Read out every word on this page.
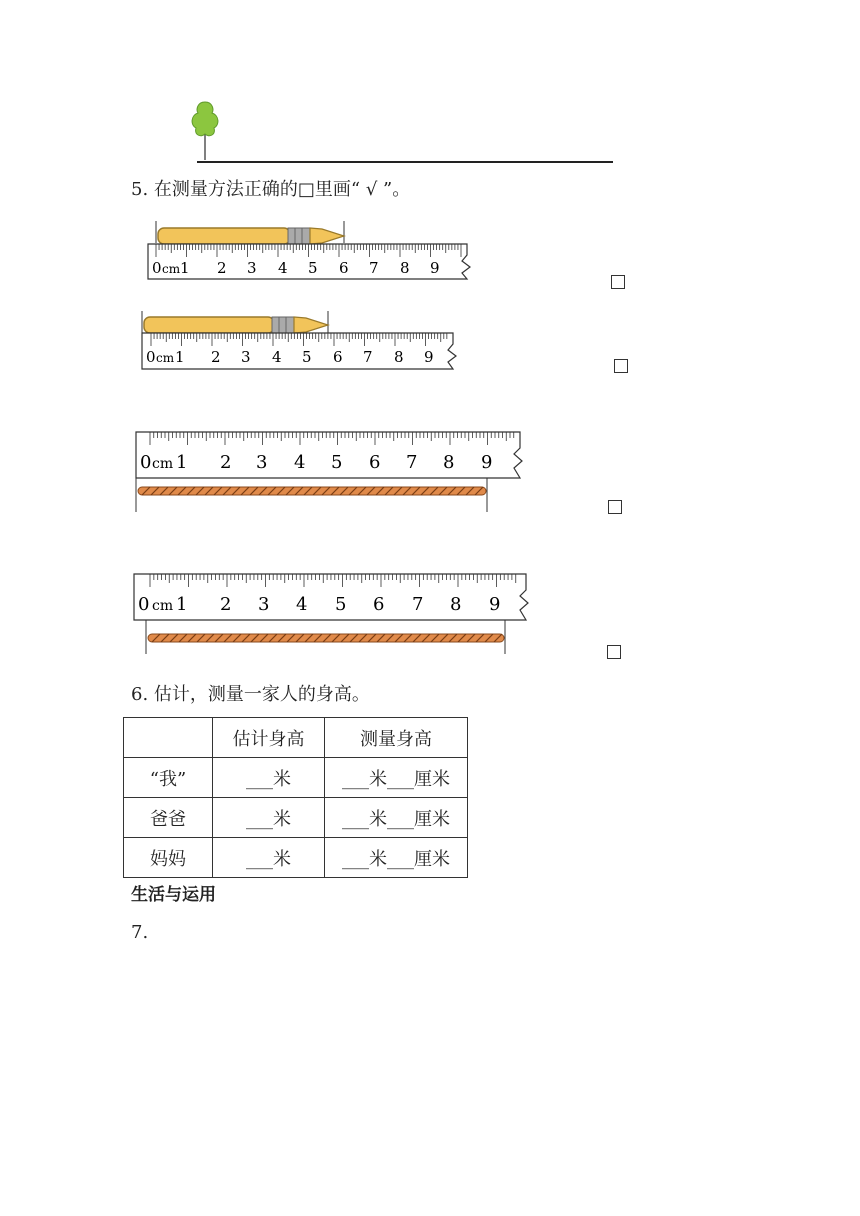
5. 在测量方法正确的□里画“ √ ”。
0 cm 1 2 3 4 5 6 7 8 9
0 cm 1 2 3 4 5 6 7 8 9
0 cm 1 2 3 4 5 6 7 8 9
0 cm 1 2 3 4 5 6 7 8 9
6. 估计，测量一家人的身高。
	估计身高	测量身高
“我”	___米	___米___厘米
爸爸	___米	___米___厘米
妈妈	___米	___米___厘米
生活与运用
7.
